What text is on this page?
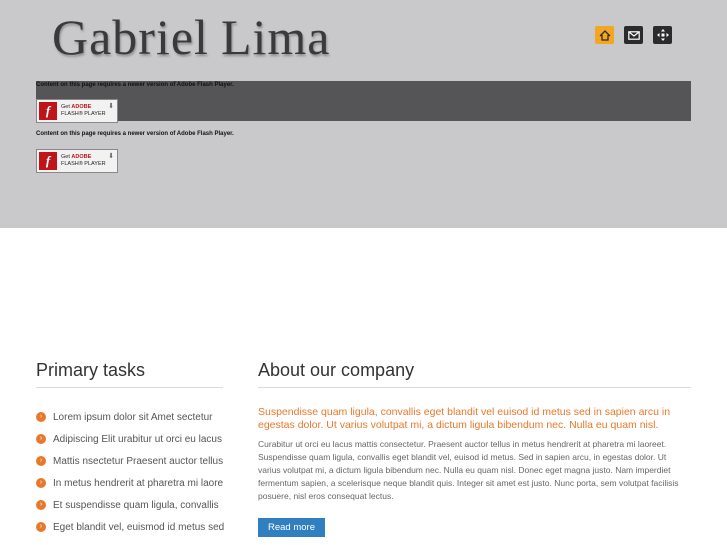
Gabriel Lima
Content on this page requires a newer version of Adobe Flash Player.
f	Get ADOBE
FLASH® PLAYER
⬇
Content on this page requires a newer version of Adobe Flash Player.
f	Get ADOBE
FLASH® PLAYER
⬇
Primary tasks
›	Lorem ipsum dolor sit Amet sectetur
›	Adipiscing Elit urabitur ut orci eu lacus
›	Mattis nsectetur Praesent auctor tellus
›	In metus hendrerit at pharetra mi laore
›	Et suspendisse quam ligula, convallis
›	Eget blandit vel, euismod id metus sed
About our company

Suspendisse quam ligula, convallis eget blandit vel euisod id metus sed in sapien arcu in egestas dolor. Ut varius volutpat mi, a dictum ligula bibendum nec. Nulla eu quam nisl.

Curabitur ut orci eu lacus mattis consectetur. Praesent auctor tellus in metus hendrerit at pharetra mi laoreet. Suspendisse quam ligula, convallis eget blandit vel, euisod id metus. Sed in sapien arcu, in egestas dolor. Ut varius volutpat mi, a dictum ligula bibendum nec. Nulla eu quam nisl. Donec eget magna justo. Nam imperdiet fermentum sapien, a scelerisque neque blandit quis. Integer sit amet est justo. Nunc porta, sem volutpat facilisis posuere, nisl eros consequat lectus.

Read more
